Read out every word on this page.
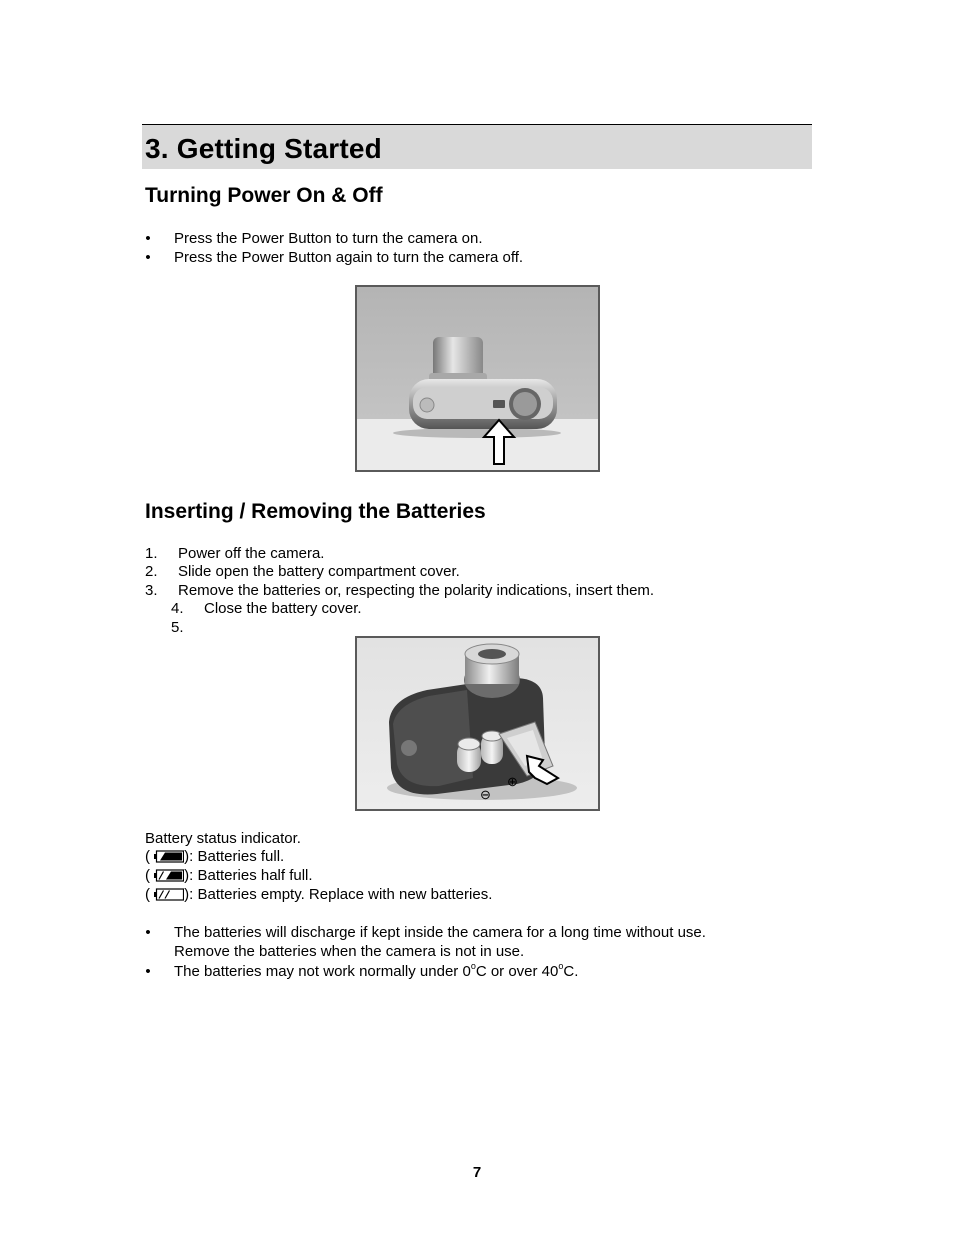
3. Getting Started
Turning Power On & Off
• Press the Power Button to turn the camera on.
• Press the Power Button again to turn the camera off.
Inserting / Removing the Batteries
1. Power off the camera.
2. Slide open the battery compartment cover.
3. Remove the batteries or, respecting the polarity indications, insert them.
4. Close the battery cover.
5.
⊖
⊕
Battery status indicator.
( ): Batteries full.
( ): Batteries half full.
( ): Batteries empty. Replace with new batteries.
• The batteries will discharge if kept inside the camera for a long time without use.
Remove the batteries when the camera is not in use.
• The batteries may not work normally under 0$^o$C or over 40$^o$C.
7
